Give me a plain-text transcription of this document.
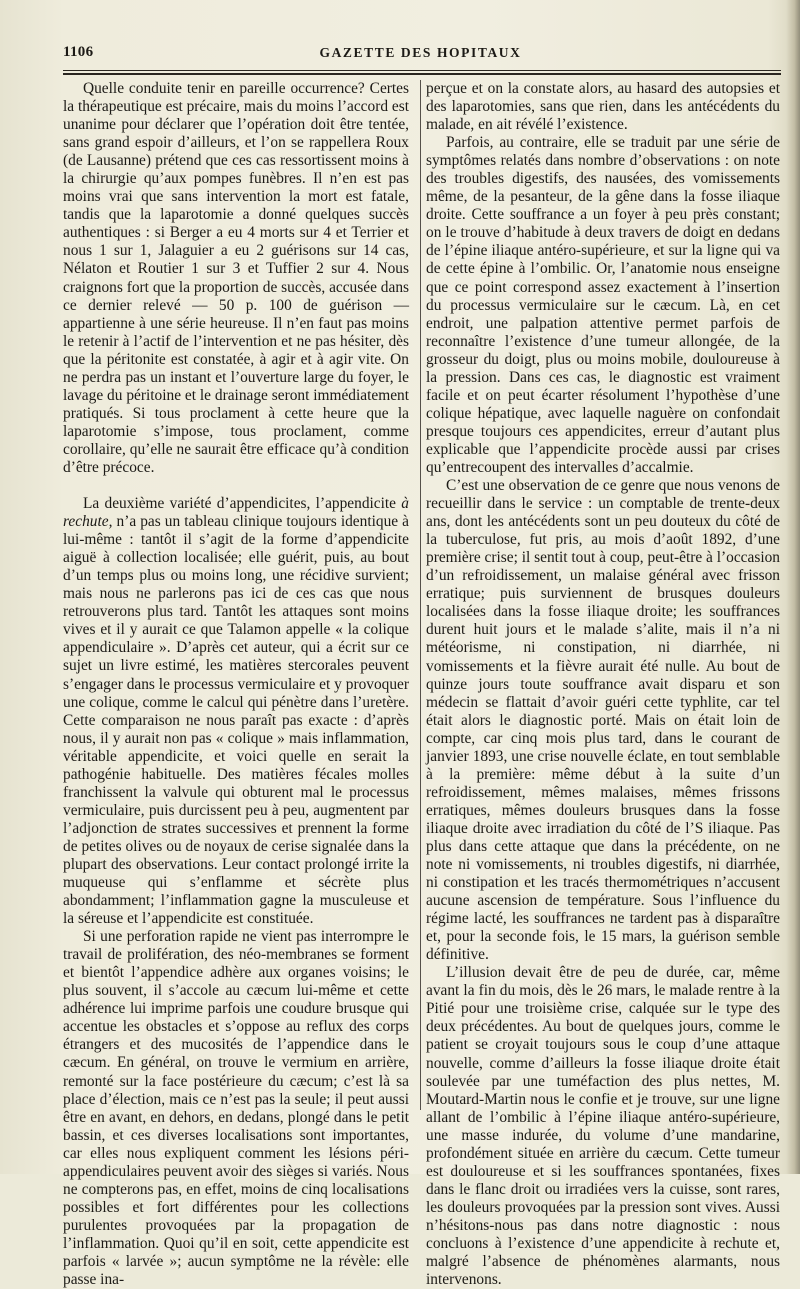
1106	GAZETTE DES HOPITAUX

Quelle conduite tenir en pareille occurrence? Certes la thérapeutique est précaire, mais du moins l’accord est unanime pour déclarer que l’opération doit être tentée, sans grand espoir d’ailleurs, et l’on se rappellera Roux (de Lausanne) prétend que ces cas ressortissent moins à la chirurgie qu’aux pompes funèbres. Il n’en est pas moins vrai que sans intervention la mort est fatale, tandis que la laparotomie a donné quelques succès authentiques : si Berger a eu 4 morts sur 4 et Terrier et nous 1 sur 1, Jalaguier a eu 2 guérisons sur 14 cas, Nélaton et Routier 1 sur 3 et Tuffier 2 sur 4. Nous craignons fort que la proportion de succès, accusée dans ce dernier relevé — 50 p. 100 de guérison — appartienne à une série heureuse. Il n’en faut pas moins le retenir à l’actif de l’intervention et ne pas hésiter, dès que la péritonite est constatée, à agir et à agir vite. On ne perdra pas un instant et l’ouverture large du foyer, le lavage du péritoine et le drainage seront immédiatement pratiqués. Si tous proclament à cette heure que la laparotomie s’impose, tous proclament, comme corollaire, qu’elle ne saurait être efficace qu’à condition d’être précoce.

La deuxième variété d’appendicites, l’appendicite à rechute, n’a pas un tableau clinique toujours identique à lui-même : tantôt il s’agit de la forme d’appendicite aiguë à collection localisée; elle guérit, puis, au bout d’un temps plus ou moins long, une récidive survient; mais nous ne parlerons pas ici de ces cas que nous retrouverons plus tard. Tantôt les attaques sont moins vives et il y aurait ce que Talamon appelle « la colique appendiculaire ». D’après cet auteur, qui a écrit sur ce sujet un livre estimé, les matières stercorales peuvent s’engager dans le processus vermiculaire et y provoquer une colique, comme le calcul qui pénètre dans l’uretère. Cette comparaison ne nous paraît pas exacte : d’après nous, il y aurait non pas « colique » mais inflammation, véritable appendicite, et voici quelle en serait la pathogénie habituelle. Des matières fécales molles franchissent la valvule qui obturent mal le processus vermiculaire, puis durcissent peu à peu, augmentent par l’adjonction de strates successives et prennent la forme de petites olives ou de noyaux de cerise signalée dans la plupart des observations. Leur contact prolongé irrite la muqueuse qui s’enflamme et sécrète plus abondamment; l’inflammation gagne la musculeuse et la séreuse et l’appendicite est constituée.

Si une perforation rapide ne vient pas interrompre le travail de prolifération, des néo-membranes se forment et bientôt l’appendice adhère aux organes voisins; le plus souvent, il s’accole au cæcum lui-même et cette adhérence lui imprime parfois une coudure brusque qui accentue les obstacles et s’oppose au reflux des corps étrangers et des mucosités de l’appendice dans le cæcum. En général, on trouve le vermium en arrière, remonté sur la face postérieure du cæcum; c’est là sa place d’élection, mais ce n’est pas la seule; il peut aussi être en avant, en dehors, en dedans, plongé dans le petit bassin, et ces diverses localisations sont importantes, car elles nous expliquent comment les lésions péri-appendiculaires peuvent avoir des sièges si variés. Nous ne compterons pas, en effet, moins de cinq localisations possibles et fort différentes pour les collections purulentes provoquées par la propagation de l’inflammation. Quoi qu’il en soit, cette appendicite est parfois « larvée »; aucun symptôme ne la révèle: elle passe ina-

perçue et on la constate alors, au hasard des autopsies et des laparotomies, sans que rien, dans les antécédents du malade, en ait révélé l’existence.

Parfois, au contraire, elle se traduit par une série de symptômes relatés dans nombre d’observations : on note des troubles digestifs, des nausées, des vomissements même, de la pesanteur, de la gêne dans la fosse iliaque droite. Cette souffrance a un foyer à peu près constant; on le trouve d’habitude à deux travers de doigt en dedans de l’épine iliaque antéro-supérieure, et sur la ligne qui va de cette épine à l’ombilic. Or, l’anatomie nous enseigne que ce point correspond assez exactement à l’insertion du processus vermiculaire sur le cæcum. Là, en cet endroit, une palpation attentive permet parfois de reconnaître l’existence d’une tumeur allongée, de la grosseur du doigt, plus ou moins mobile, douloureuse à la pression. Dans ces cas, le diagnostic est vraiment facile et on peut écarter résolument l’hypothèse d’une colique hépatique, avec laquelle naguère on confondait presque toujours ces appendicites, erreur d’autant plus explicable que l’appendicite procède aussi par crises qu’entrecoupent des intervalles d’accalmie.

C’est une observation de ce genre que nous venons de recueillir dans le service : un comptable de trente-deux ans, dont les antécédents sont un peu douteux du côté de la tuberculose, fut pris, au mois d’août 1892, d’une première crise; il sentit tout à coup, peut-être à l’occasion d’un refroidissement, un malaise général avec frisson erratique; puis surviennent de brusques douleurs localisées dans la fosse iliaque droite; les souffrances durent huit jours et le malade s’alite, mais il n’a ni météorisme, ni constipation, ni diarrhée, ni vomissements et la fièvre aurait été nulle. Au bout de quinze jours toute souffrance avait disparu et son médecin se flattait d’avoir guéri cette typhlite, car tel était alors le diagnostic porté. Mais on était loin de compte, car cinq mois plus tard, dans le courant de janvier 1893, une crise nouvelle éclate, en tout semblable à la première: même début à la suite d’un refroidissement, mêmes malaises, mêmes frissons erratiques, mêmes douleurs brusques dans la fosse iliaque droite avec irradiation du côté de l’S iliaque. Pas plus dans cette attaque que dans la précédente, on ne note ni vomissements, ni troubles digestifs, ni diarrhée, ni constipation et les tracés thermométriques n’accusent aucune ascension de température. Sous l’influence du régime lacté, les souffrances ne tardent pas à disparaître et, pour la seconde fois, le 15 mars, la guérison semble définitive.

L’illusion devait être de peu de durée, car, même avant la fin du mois, dès le 26 mars, le malade rentre à la Pitié pour une troisième crise, calquée sur le type des deux précédentes. Au bout de quelques jours, comme le patient se croyait toujours sous le coup d’une attaque nouvelle, comme d’ailleurs la fosse iliaque droite était soulevée par une tuméfaction des plus nettes, M. Moutard-Martin nous le confie et je trouve, sur une ligne allant de l’ombilic à l’épine iliaque antéro-supérieure, une masse indurée, du volume d’une mandarine, profondément située en arrière du cæcum. Cette tumeur est douloureuse et si les souffrances spontanées, fixes dans le flanc droit ou irradiées vers la cuisse, sont rares, les douleurs provoquées par la pression sont vives. Aussi n’hésitons-nous pas dans notre diagnostic : nous concluons à l’existence d’une appendicite à rechute et, malgré l’absence de phénomènes alarmants, nous intervenons.
